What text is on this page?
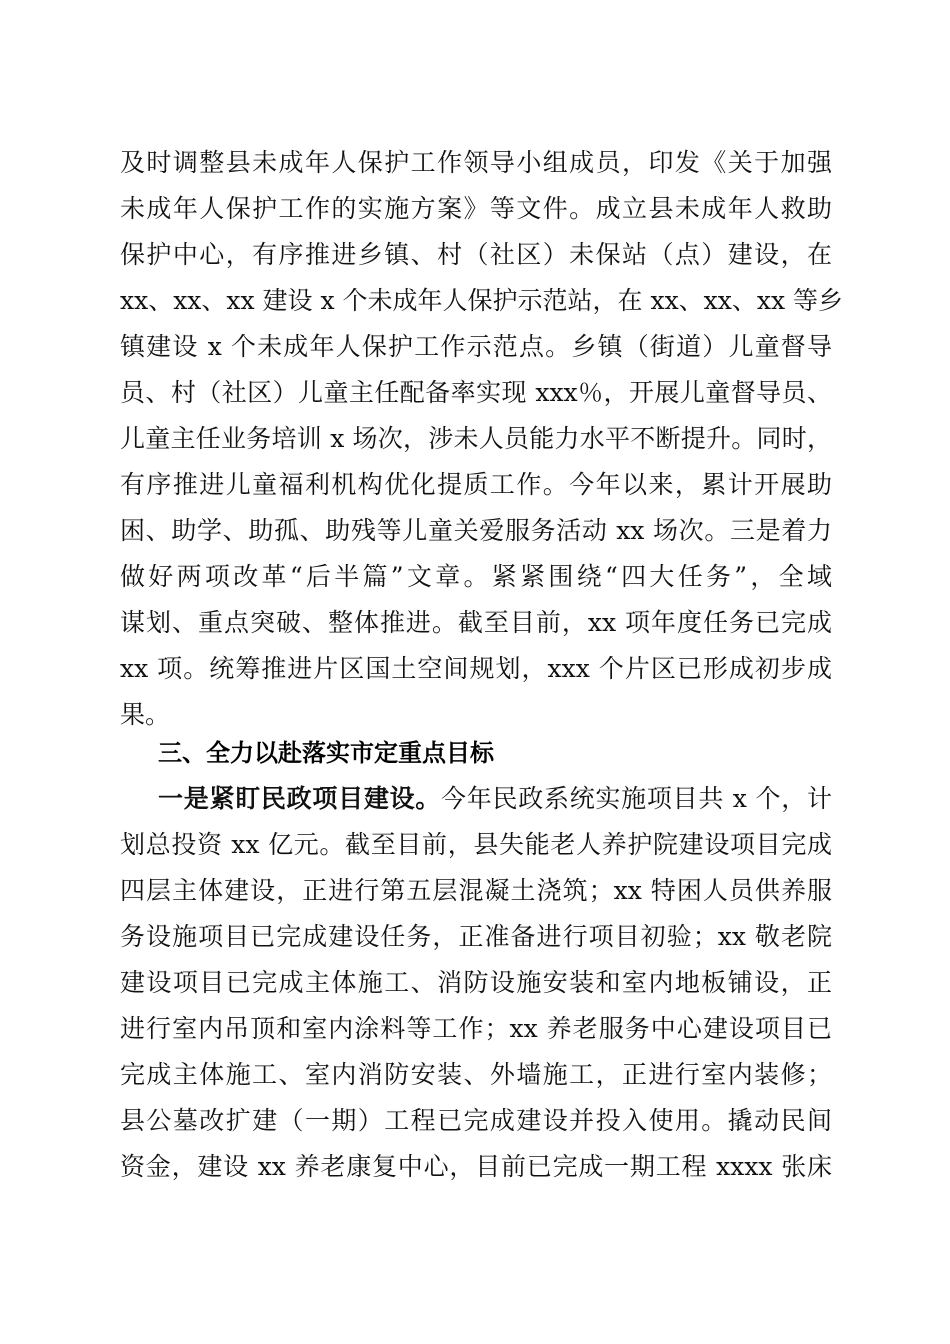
及时调整县未成年人保护工作领导小组成员，印发《关于加强
未成年人保护工作的实施方案》等文件。成立县未成年人救助
保护中心，有序推进乡镇、村（社区）未保站（点）建设，在
xx、xx、xx 建设 x 个未成年人保护示范站，在 xx、xx、xx 等乡
镇建设 x 个未成年人保护工作示范点。乡镇（街道）儿童督导
员、村（社区）儿童主任配备率实现 xxx％，开展儿童督导员、
儿童主任业务培训 x 场次，涉未人员能力水平不断提升。同时，
有序推进儿童福利机构优化提质工作。今年以来，累计开展助
困、助学、助孤、助残等儿童关爱服务活动 xx 场次。三是着力
做好两项改革“后半篇”文章。紧紧围绕“四大任务”，全域
谋划、重点突破、整体推进。截至目前，xx 项年度任务已完成
xx 项。统筹推进片区国土空间规划，xxx 个片区已形成初步成
果。
三、全力以赴落实市定重点目标
一是紧盯民政项目建设。今年民政系统实施项目共 x 个，计
划总投资 xx 亿元。截至目前，县失能老人养护院建设项目完成
四层主体建设，正进行第五层混凝土浇筑；xx 特困人员供养服
务设施项目已完成建设任务，正准备进行项目初验；xx 敬老院
建设项目已完成主体施工、消防设施安装和室内地板铺设，正
进行室内吊顶和室内涂料等工作；xx 养老服务中心建设项目已
完成主体施工、室内消防安装、外墙施工，正进行室内装修；
县公墓改扩建（一期）工程已完成建设并投入使用。撬动民间
资金，建设 xx 养老康复中心，目前已完成一期工程 xxxx 张床
